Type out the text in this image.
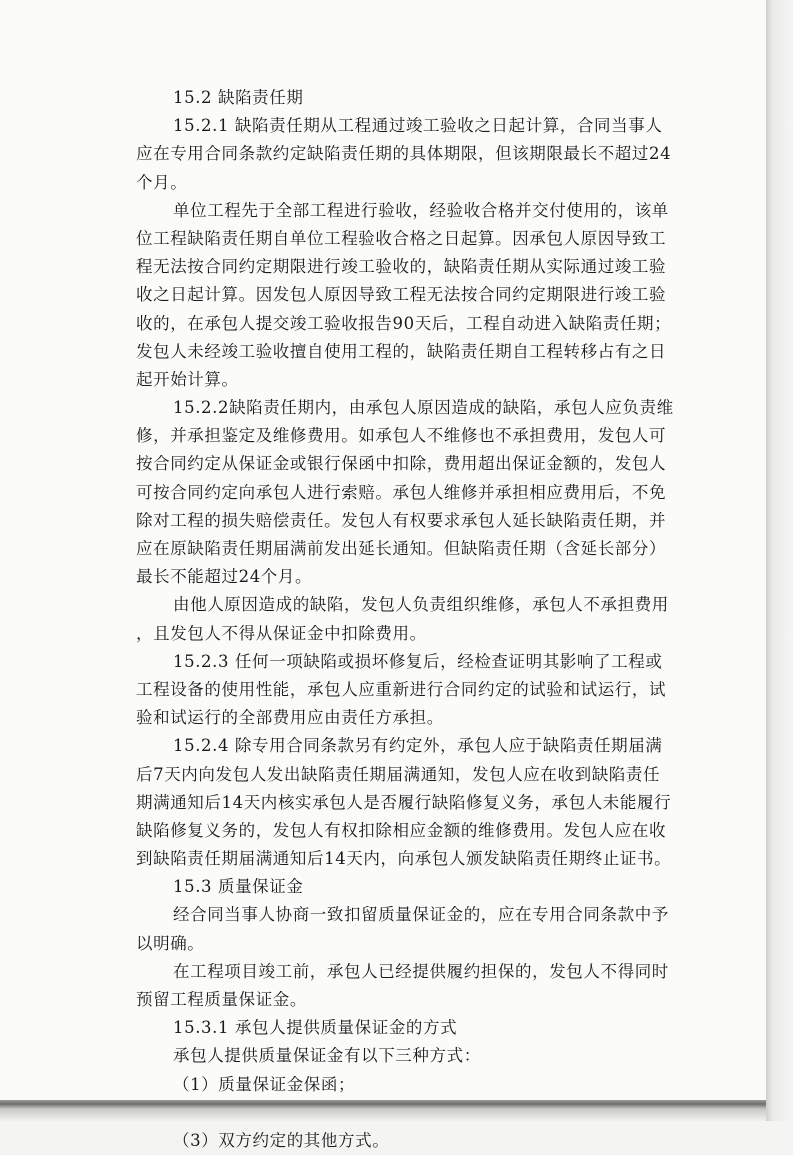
15.2 缺陷责任期
15.2.1 缺陷责任期从工程通过竣工验收之日起计算，合同当事人
应在专用合同条款约定缺陷责任期的具体期限，但该期限最长不超过24
个月。
单位工程先于全部工程进行验收，经验收合格并交付使用的，该单
位工程缺陷责任期自单位工程验收合格之日起算。因承包人原因导致工
程无法按合同约定期限进行竣工验收的，缺陷责任期从实际通过竣工验
收之日起计算。因发包人原因导致工程无法按合同约定期限进行竣工验
收的，在承包人提交竣工验收报告90天后，工程自动进入缺陷责任期；
发包人未经竣工验收擅自使用工程的，缺陷责任期自工程转移占有之日
起开始计算。
15.2.2缺陷责任期内，由承包人原因造成的缺陷，承包人应负责维
修，并承担鉴定及维修费用。如承包人不维修也不承担费用，发包人可
按合同约定从保证金或银行保函中扣除，费用超出保证金额的，发包人
可按合同约定向承包人进行索赔。承包人维修并承担相应费用后，不免
除对工程的损失赔偿责任。发包人有权要求承包人延长缺陷责任期，并
应在原缺陷责任期届满前发出延长通知。但缺陷责任期（含延长部分）
最长不能超过24个月。
由他人原因造成的缺陷，发包人负责组织维修，承包人不承担费用
，且发包人不得从保证金中扣除费用。
15.2.3 任何一项缺陷或损坏修复后，经检查证明其影响了工程或
工程设备的使用性能，承包人应重新进行合同约定的试验和试运行，试
验和试运行的全部费用应由责任方承担。
15.2.4 除专用合同条款另有约定外，承包人应于缺陷责任期届满
后7天内向发包人发出缺陷责任期届满通知，发包人应在收到缺陷责任
期满通知后14天内核实承包人是否履行缺陷修复义务，承包人未能履行
缺陷修复义务的，发包人有权扣除相应金额的维修费用。发包人应在收
到缺陷责任期届满通知后14天内，向承包人颁发缺陷责任期终止证书。
15.3 质量保证金
经合同当事人协商一致扣留质量保证金的，应在专用合同条款中予
以明确。
在工程项目竣工前，承包人已经提供履约担保的，发包人不得同时
预留工程质量保证金。
15.3.1 承包人提供质量保证金的方式
承包人提供质量保证金有以下三种方式：
（1）质量保证金保函；
（3）双方约定的其他方式。
